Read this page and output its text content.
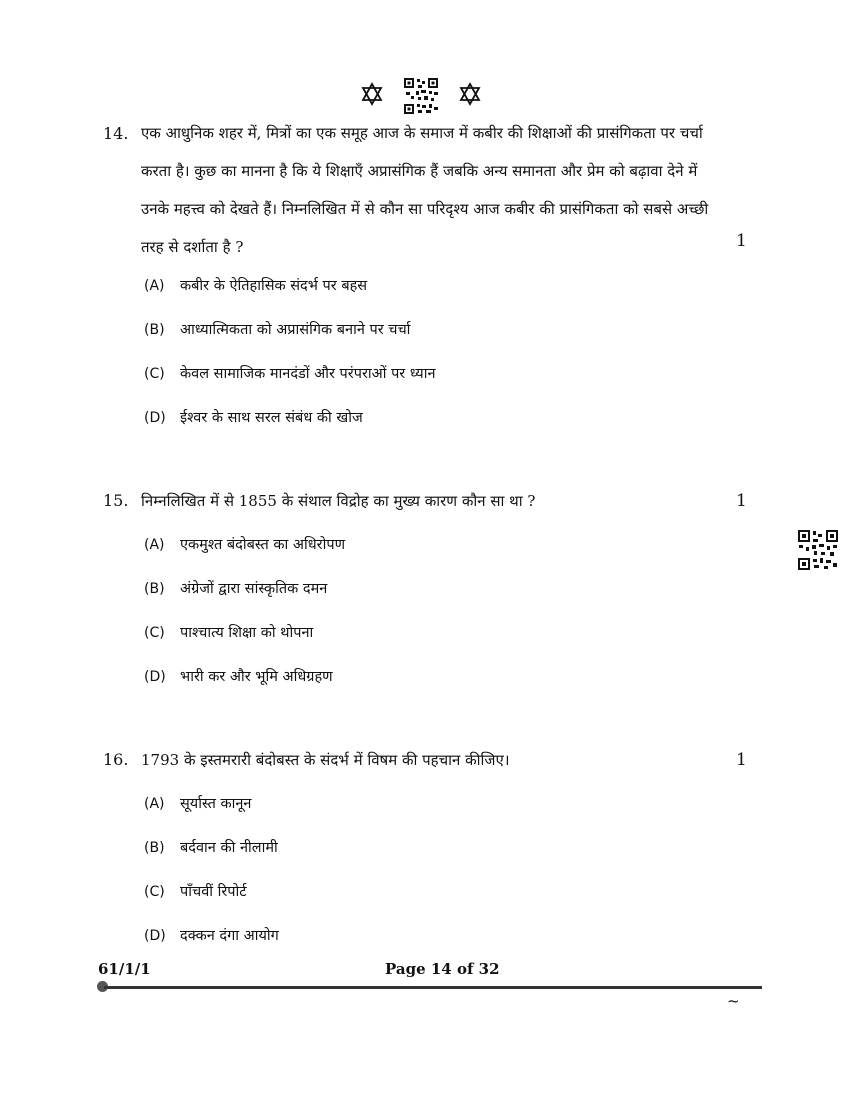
14. एक आधुनिक शहर में, मित्रों का एक समूह आज के समाज में कबीर की शिक्षाओं की प्रासंगिकता पर चर्चा करता है। कुछ का मानना है कि ये शिक्षाएँ अप्रासंगिक हैं जबकि अन्य समानता और प्रेम को बढ़ावा देने में उनके महत्त्व को देखते हैं। निम्नलिखित में से कौन सा परिदृश्य आज कबीर की प्रासंगिकता को सबसे अच्छी तरह से दर्शाता है ?	1
(A) कबीर के ऐतिहासिक संदर्भ पर बहस
(B) आध्यात्मिकता को अप्रासंगिक बनाने पर चर्चा
(C) केवल सामाजिक मानदंडों और परंपराओं पर ध्यान
(D) ईश्वर के साथ सरल संबंध की खोज
15. निम्नलिखित में से 1855 के संथाल विद्रोह का मुख्य कारण कौन सा था ?	1
(A) एकमुश्त बंदोबस्त का अधिरोपण
(B) अंग्रेजों द्वारा सांस्कृतिक दमन
(C) पाश्चात्य शिक्षा को थोपना
(D) भारी कर और भूमि अधिग्रहण
16. 1793 के इस्तमरारी बंदोबस्त के संदर्भ में विषम की पहचान कीजिए।	1
(A) सूर्यास्त कानून
(B) बर्दवान की नीलामी
(C) पाँचवीं रिपोर्ट
(D) दक्कन दंगा आयोग
61/1/1	Page 14 of 32
~
